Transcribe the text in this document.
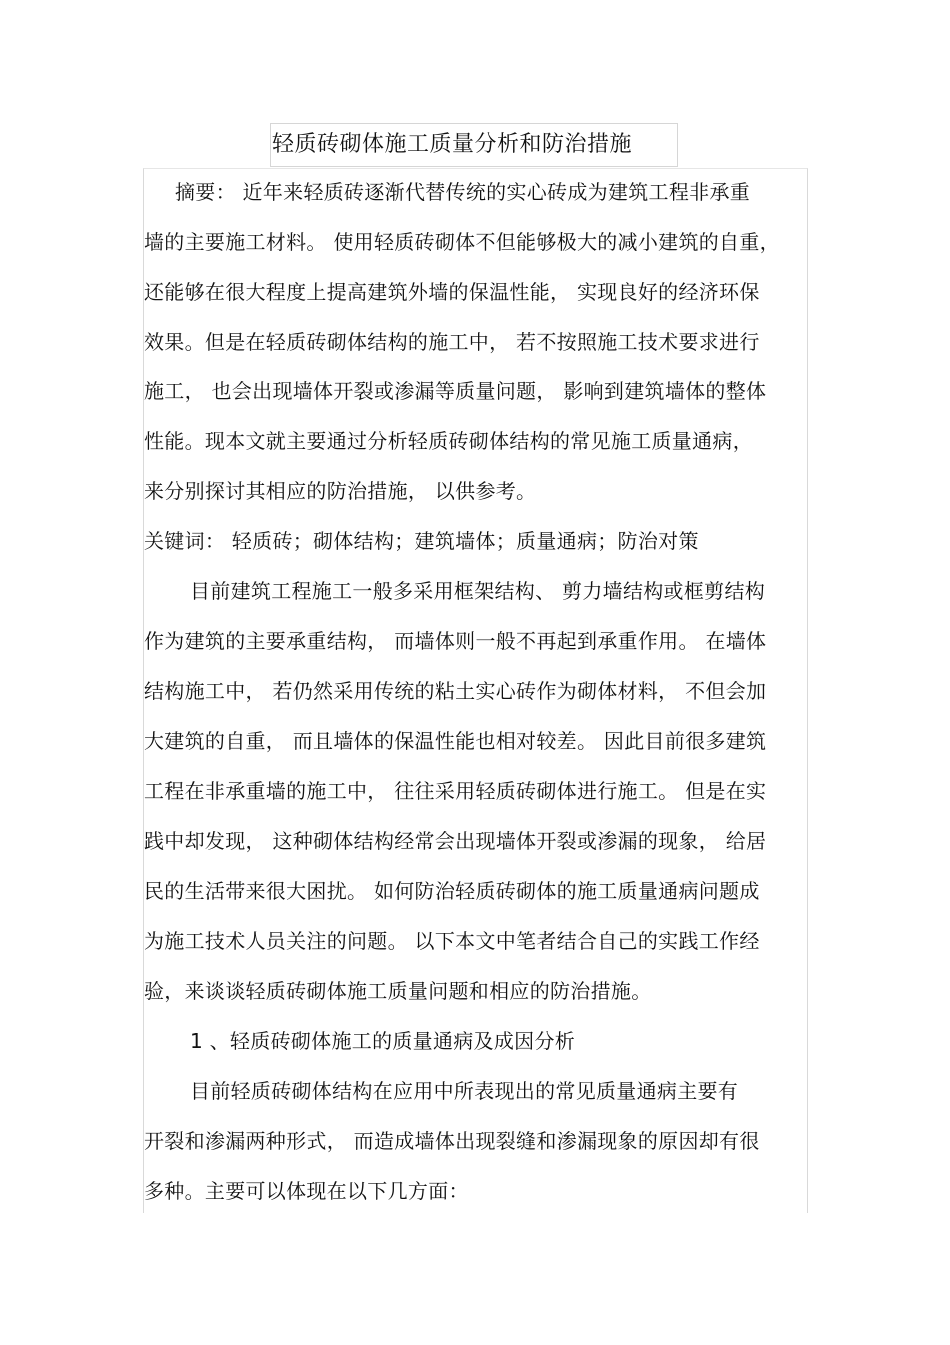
轻质砖砌体施工质量分析和防治措施
摘要： 近年来轻质砖逐渐代替传统的实心砖成为建筑工程非承重
墙的主要施工材料。 使用轻质砖砌体不但能够极大的减小建筑的自重，
还能够在很大程度上提高建筑外墙的保温性能， 实现良好的经济环保
效果。但是在轻质砖砌体结构的施工中， 若不按照施工技术要求进行
施工， 也会出现墙体开裂或渗漏等质量问题， 影响到建筑墙体的整体
性能。现本文就主要通过分析轻质砖砌体结构的常见施工质量通病，
来分别探讨其相应的防治措施， 以供参考。
关键词： 轻质砖；砌体结构；建筑墙体；质量通病；防治对策
目前建筑工程施工一般多采用框架结构、 剪力墙结构或框剪结构
作为建筑的主要承重结构， 而墙体则一般不再起到承重作用。 在墙体
结构施工中， 若仍然采用传统的粘土实心砖作为砌体材料， 不但会加
大建筑的自重， 而且墙体的保温性能也相对较差。 因此目前很多建筑
工程在非承重墙的施工中， 往往采用轻质砖砌体进行施工。 但是在实
践中却发现， 这种砌体结构经常会出现墙体开裂或渗漏的现象， 给居
民的生活带来很大困扰。 如何防治轻质砖砌体的施工质量通病问题成
为施工技术人员关注的问题。 以下本文中笔者结合自己的实践工作经
验，来谈谈轻质砖砌体施工质量问题和相应的防治措施。
1 、轻质砖砌体施工的质量通病及成因分析
目前轻质砖砌体结构在应用中所表现出的常见质量通病主要有
开裂和渗漏两种形式， 而造成墙体出现裂缝和渗漏现象的原因却有很
多种。主要可以体现在以下几方面：
